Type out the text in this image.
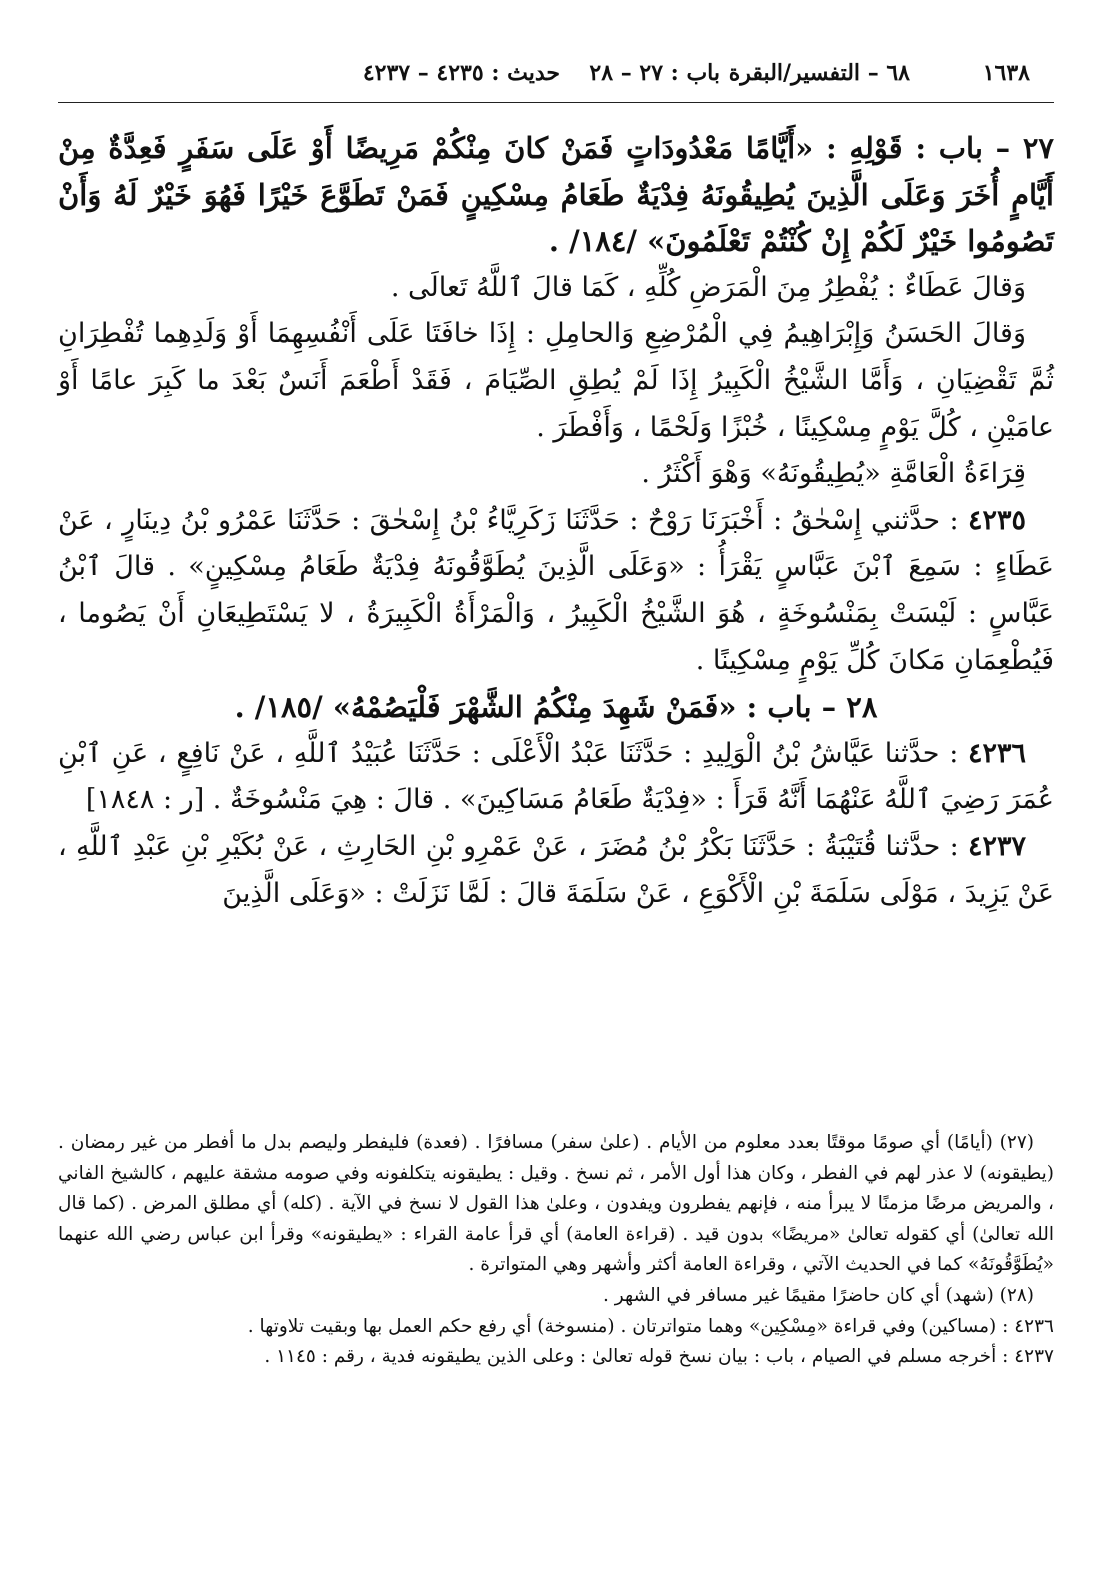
١٦٣٨
٦٨ – التفسير/البقرة
باب : ٢٧ – ٢٨
حديث : ٤٢٣٥ – ٤٢٣٧

٢٧ – باب : قَوْلِهِ : «أَيَّامًا مَعْدُودَاتٍ فَمَنْ كانَ مِنْكُمْ مَرِيضًا أَوْ عَلَى سَفَرٍ فَعِدَّةٌ مِنْ أَيَّامٍ أُخَرَ وَعَلَى الَّذِينَ يُطِيقُونَهُ فِدْيَةٌ طَعَامُ مِسْكِينٍ فَمَنْ تَطَوَّعَ خَيْرًا فَهُوَ خَيْرٌ لَهُ وَأَنْ تَصُومُوا خَيْرٌ لَكُمْ إِنْ كُنْتُمْ تَعْلَمُونَ» /١٨٤/ .

وَقالَ عَطَاءٌ : يُفْطِرُ مِنَ الْمَرَضِ كُلِّهِ ، كَمَا قالَ ٱللَّهُ تَعالَى .

وَقالَ الحَسَنُ وَإِبْرَاهِيمُ فِي الْمُرْضِعِ وَالحامِلِ : إِذَا خافَتَا عَلَى أَنْفُسِهِمَا أَوْ وَلَدِهِما تُفْطِرَانِ ثُمَّ تَقْضِيَانِ ، وَأَمَّا الشَّيْخُ الْكَبِيرُ إِذَا لَمْ يُطِقِ الصِّيَامَ ، فَقَدْ أَطْعَمَ أَنَسٌ بَعْدَ ما كَبِرَ عامًا أَوْ عامَيْنِ ، كُلَّ يَوْمٍ مِسْكِينًا ، خُبْزًا وَلَحْمًا ، وَأَفْطَرَ .

قِرَاءَةُ الْعَامَّةِ «يُطِيقُونَهُ» وَهْوَ أَكْثَرُ .

٤٢٣٥ : حدَّثني إِسْحٰقُ : أَخْبَرَنَا رَوْحٌ : حَدَّثَنَا زَكَرِيَّاءُ بْنُ إِسْحٰقَ : حَدَّثَنَا عَمْرُو بْنُ دِينَارٍ ، عَنْ عَطَاءٍ : سَمِعَ ٱبْنَ عَبَّاسٍ يَقْرَأُ : «وَعَلَى الَّذِينَ يُطَوَّقُونَهُ فِدْيَةٌ طَعَامُ مِسْكِينٍ» . قالَ ٱبْنُ عَبَّاسٍ : لَيْسَتْ بِمَنْسُوخَةٍ ، هُوَ الشَّيْخُ الْكَبِيرُ ، وَالْمَرْأَةُ الْكَبِيرَةُ ، لا يَسْتَطِيعَانِ أَنْ يَصُوما ، فَيُطْعِمَانِ مَكانَ كُلِّ يَوْمٍ مِسْكِينًا .

٢٨ – باب : «فَمَنْ شَهِدَ مِنْكُمُ الشَّهْرَ فَلْيَصُمْهُ» /١٨٥/ .

٤٢٣٦ : حدَّثنا عَيَّاشُ بْنُ الْوَلِيدِ : حَدَّثَنَا عَبْدُ الْأَعْلَى : حَدَّثَنَا عُبَيْدُ ٱللَّهِ ، عَنْ نَافِعٍ ، عَنِ ٱبْنِ عُمَرَ رَضِيَ ٱللَّهُ عَنْهُمَا أَنَّهُ قَرَأَ : «فِدْيَةٌ طَعَامُ مَسَاكِينَ» . قالَ : هِيَ مَنْسُوخَةٌ . [ر : ١٨٤٨]

٤٢٣٧ : حدَّثنا قُتَيْبَةُ : حَدَّثَنَا بَكْرُ بْنُ مُضَرَ ، عَنْ عَمْرِو بْنِ الحَارِثِ ، عَنْ بُكَيْرِ بْنِ عَبْدِ ٱللَّهِ ، عَنْ يَزِيدَ ، مَوْلَى سَلَمَةَ بْنِ الْأَكْوَعِ ، عَنْ سَلَمَةَ قالَ : لَمَّا نَزَلَتْ : «وَعَلَى الَّذِينَ

(٢٧) (أيامًا) أي صومًا موقتًا بعدد معلوم من الأيام . (علىٰ سفر) مسافرًا . (فعدة) فليفطر وليصم بدل ما أفطر من غير رمضان . (يطيقونه) لا عذر لهم في الفطر ، وكان هذا أول الأمر ، ثم نسخ . وقيل : يطيقونه يتكلفونه وفي صومه مشقة عليهم ، كالشيخ الفاني ، والمريض مرضًا مزمنًا لا يبرأ منه ، فإنهم يفطرون ويفدون ، وعلىٰ هذا القول لا نسخ في الآية . (كله) أي مطلق المرض . (كما قال الله تعالىٰ) أي كقوله تعالىٰ «مريضًا» بدون قيد . (قراءة العامة) أي قرأ عامة القراء : «يطيقونه» وقرأ ابن عباس رضي الله عنهما «يُطَوَّقُونَهُ» كما في الحديث الآتي ، وقراءة العامة أكثر وأشهر وهي المتواترة .

(٢٨) (شهد) أي كان حاضرًا مقيمًا غير مسافر في الشهر .

٤٢٣٦ : (مساكين) وفي قراءة «مِسْكِين» وهما متواترتان . (منسوخة) أي رفع حكم العمل بها وبقيت تلاوتها .

٤٢٣٧ : أخرجه مسلم في الصيام ، باب : بيان نسخ قوله تعالىٰ : وعلى الذين يطيقونه فدية ، رقم : ١١٤٥ .
